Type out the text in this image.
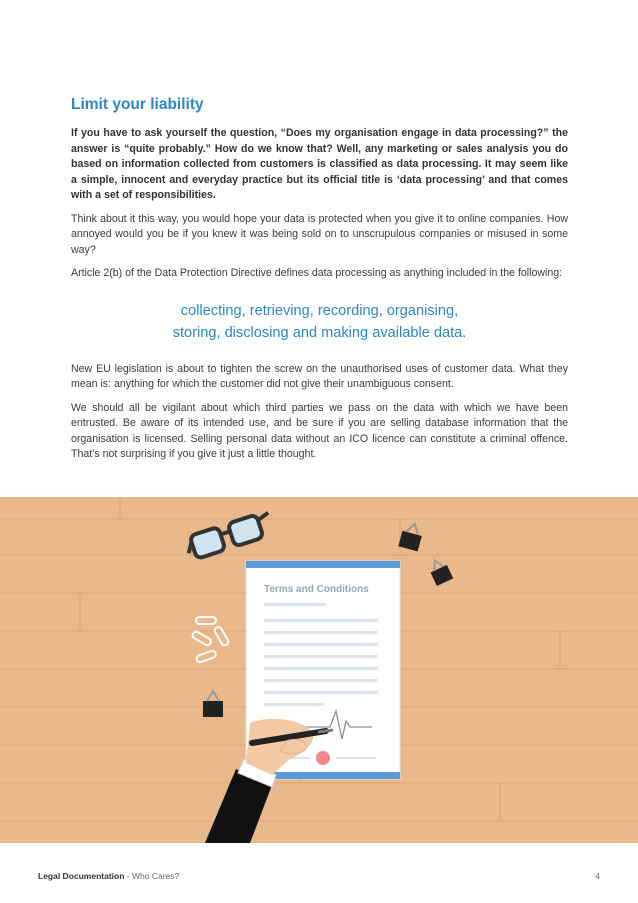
Limit your liability

If you have to ask yourself the question, “Does my organisation engage in data processing?” the answer is “quite probably.” How do we know that? Well, any marketing or sales analysis you do based on information collected from customers is classified as data processing. It may seem like a simple, innocent and everyday practice but its official title is ‘data processing’ and that comes with a set of responsibilities.

Think about it this way, you would hope your data is protected when you give it to online companies. How annoyed would you be if you knew it was being sold on to unscrupulous companies or misused in some way?

Article 2(b) of the Data Protection Directive defines data processing as anything included in the following:

collecting, retrieving, recording, organising,
storing, disclosing and making available data.

New EU legislation is about to tighten the screw on the unauthorised uses of customer data. What they mean is: anything for which the customer did not give their unambiguous consent.

We should all be vigilant about which third parties we pass on the data with which we have been entrusted. Be aware of its intended use, and be sure if you are selling database information that the organisation is licensed. Selling personal data without an ICO licence can constitute a criminal offence. That’s not surprising if you give it just a little thought.

Terms and Conditions
Legal Documentation - Who Cares?	4
